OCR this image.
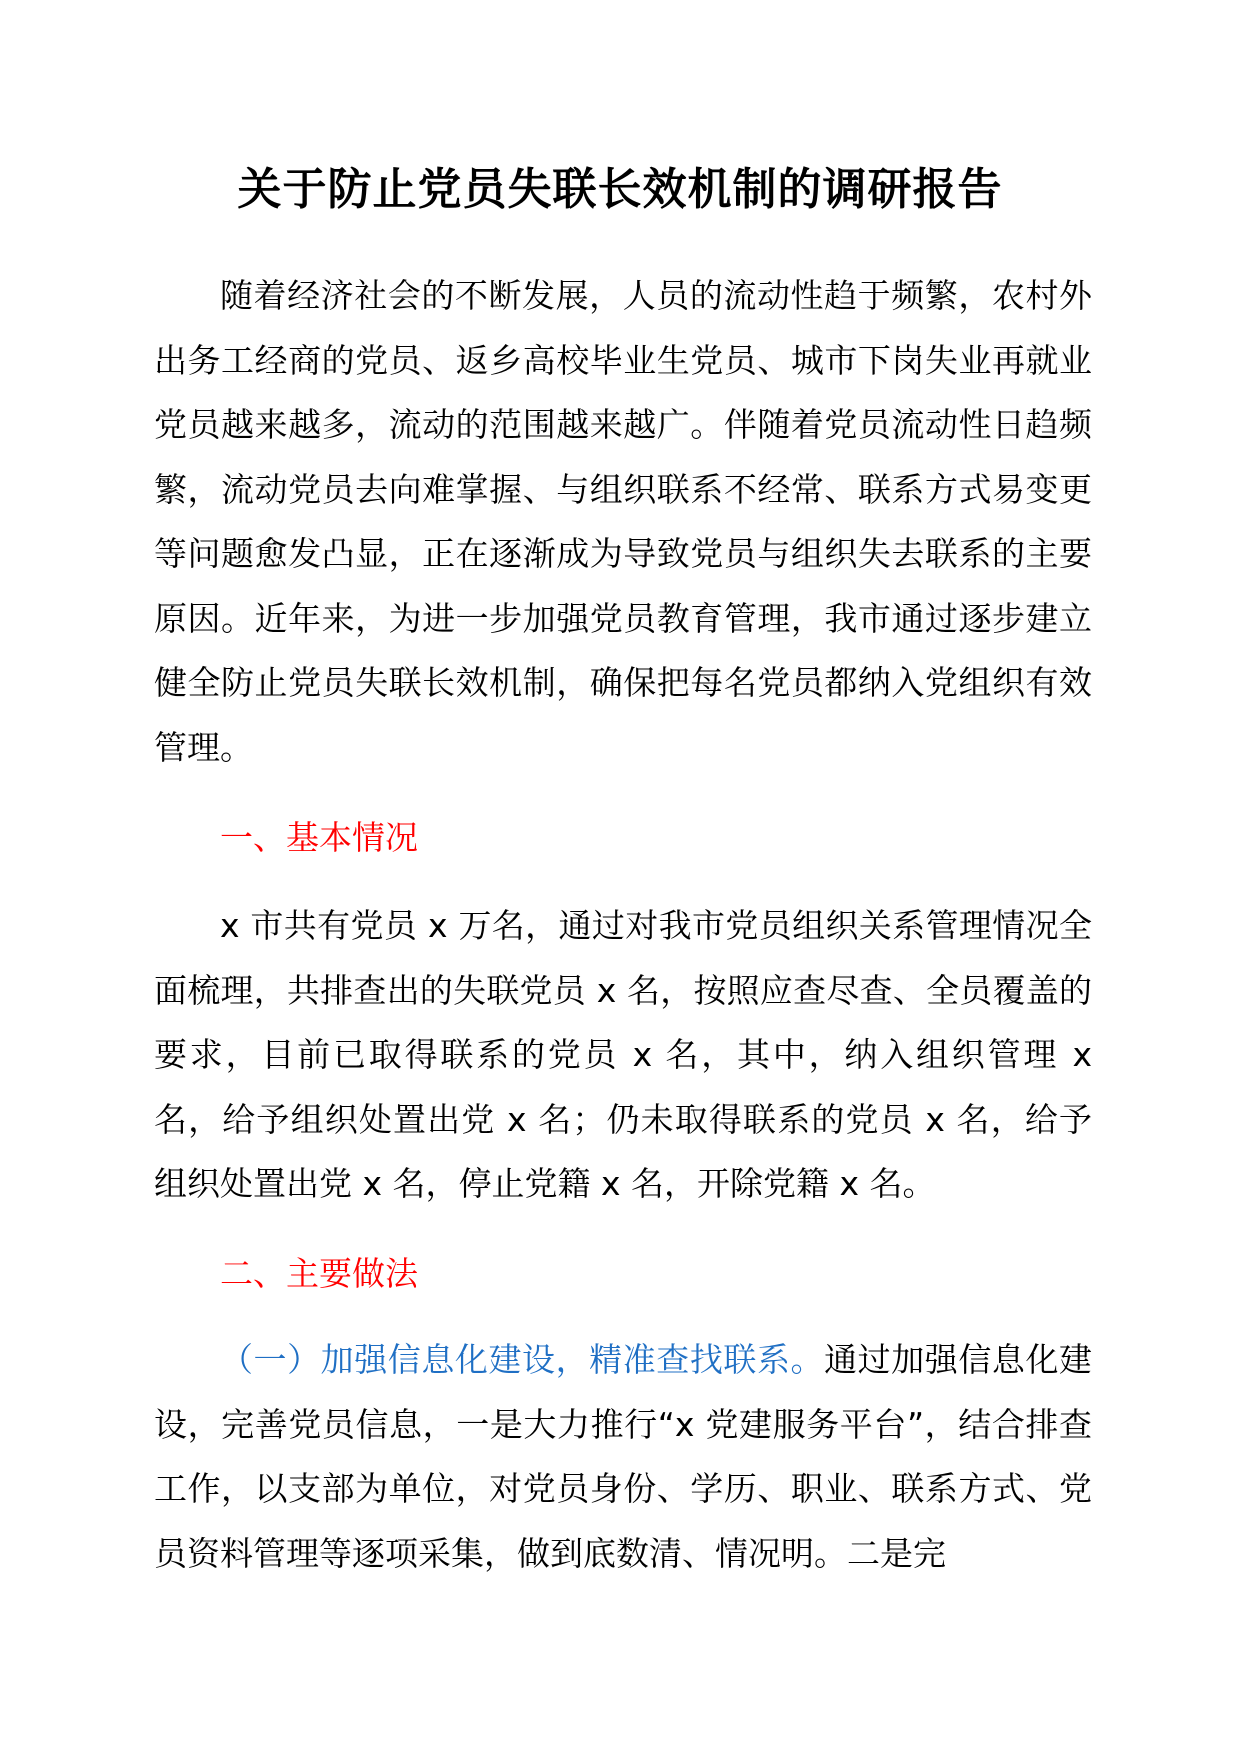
关于防止党员失联长效机制的调研报告

随着经济社会的不断发展，人员的流动性趋于频繁，农村外出务工经商的党员、返乡高校毕业生党员、城市下岗失业再就业党员越来越多，流动的范围越来越广。伴随着党员流动性日趋频繁，流动党员去向难掌握、与组织联系不经常、联系方式易变更等问题愈发凸显，正在逐渐成为导致党员与组织失去联系的主要原因。近年来，为进一步加强党员教育管理，我市通过逐步建立健全防止党员失联长效机制，确保把每名党员都纳入党组织有效管理。

一、基本情况

x 市共有党员 x 万名，通过对我市党员组织关系管理情况全面梳理，共排查出的失联党员 x 名，按照应查尽查、全员覆盖的要求，目前已取得联系的党员 x 名，其中，纳入组织管理 x 名，给予组织处置出党 x 名；仍未取得联系的党员 x 名，给予组织处置出党 x 名，停止党籍 x 名，开除党籍 x 名。

二、主要做法

（一）加强信息化建设，精准查找联系。通过加强信息化建设，完善党员信息，一是大力推行“x 党建服务平台”，结合排查工作，以支部为单位，对党员身份、学历、职业、联系方式、党员资料管理等逐项采集，做到底数清、情况明。二是完
